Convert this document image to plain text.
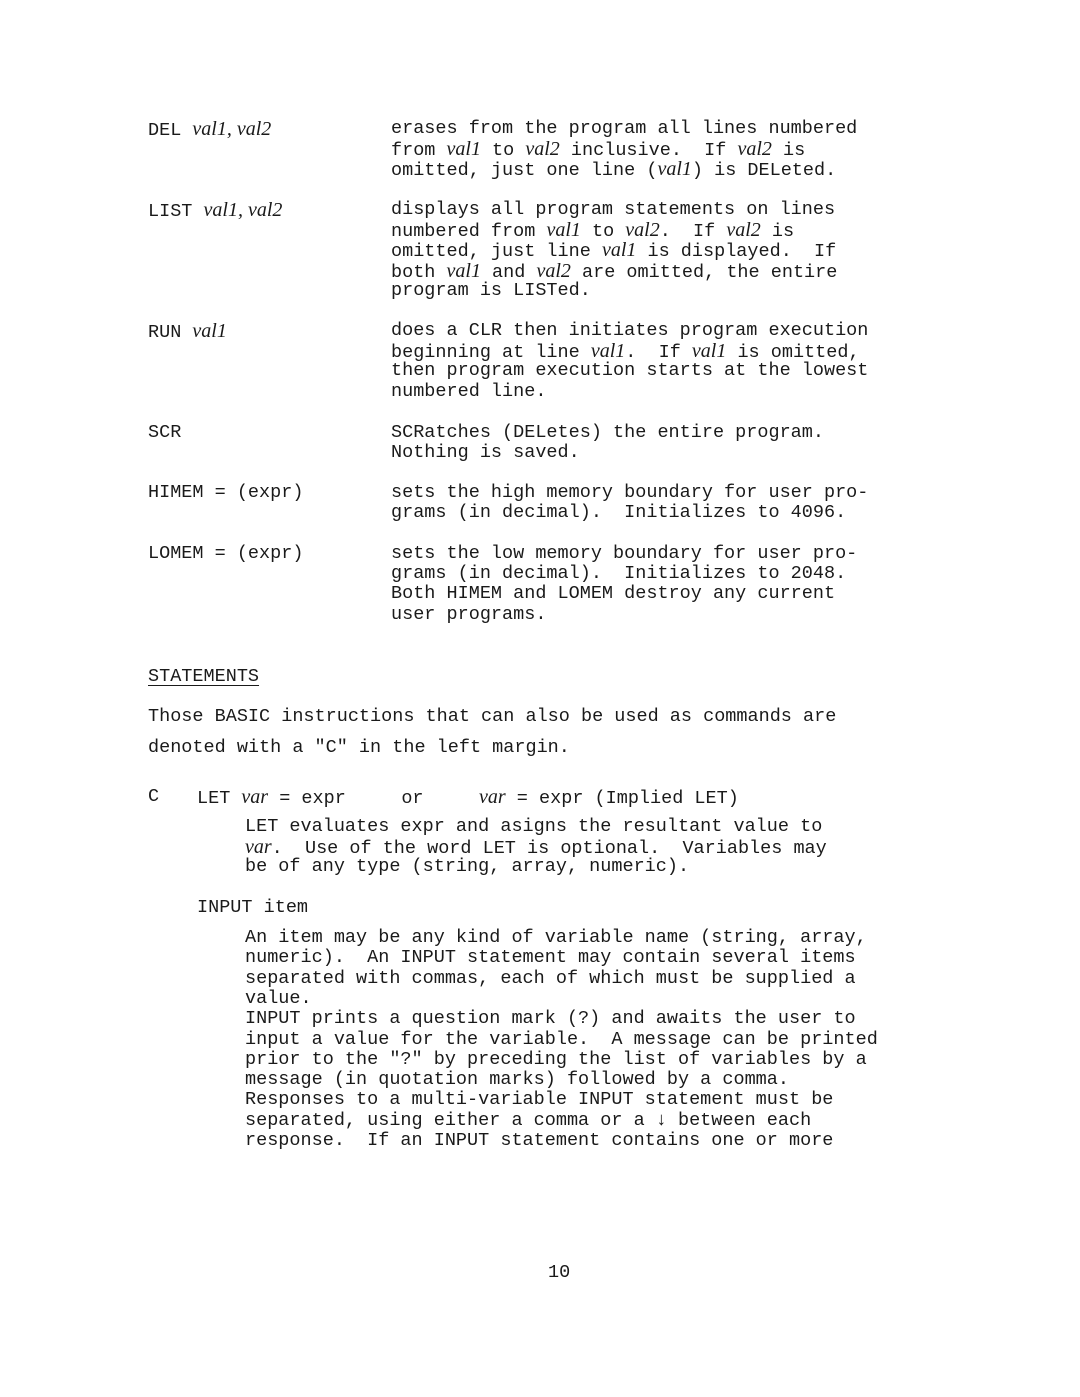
DEL val1, val2	erases from the program all lines numbered
from val1 to val2 inclusive.  If val2 is
omitted, just one line (val1) is DELeted.
LIST val1, val2	displays all program statements on lines
numbered from val1 to val2.  If val2 is
omitted, just line val1 is displayed.  If
both val1 and val2 are omitted, the entire
program is LISTed.
RUN val1	does a CLR then initiates program execution
beginning at line val1.  If val1 is omitted,
then program execution starts at the lowest
numbered line.
SCR	SCRatches (DELetes) the entire program.
Nothing is saved.
HIMEM = (expr)	sets the high memory boundary for user pro-
grams (in decimal).  Initializes to 4096.
LOMEM = (expr)	sets the low memory boundary for user pro-
grams (in decimal).  Initializes to 2048.
Both HIMEM and LOMEM destroy any current
user programs.
STATEMENTS
Those BASIC instructions that can also be used as commands are
denoted with a "C" in the left margin.
C LET var = expr     or     var = expr (Implied LET)
LET evaluates expr and asigns the resultant value to
var.  Use of the word LET is optional.  Variables may
be of any type (string, array, numeric).
INPUT item
An item may be any kind of variable name (string, array,
numeric).  An INPUT statement may contain several items
separated with commas, each of which must be supplied a
value.
INPUT prints a question mark (?) and awaits the user to
input a value for the variable.  A message can be printed
prior to the "?" by preceding the list of variables by a
message (in quotation marks) followed by a comma.
Responses to a multi-variable INPUT statement must be
separated, using either a comma or a ↓ between each
response.  If an INPUT statement contains one or more
10
